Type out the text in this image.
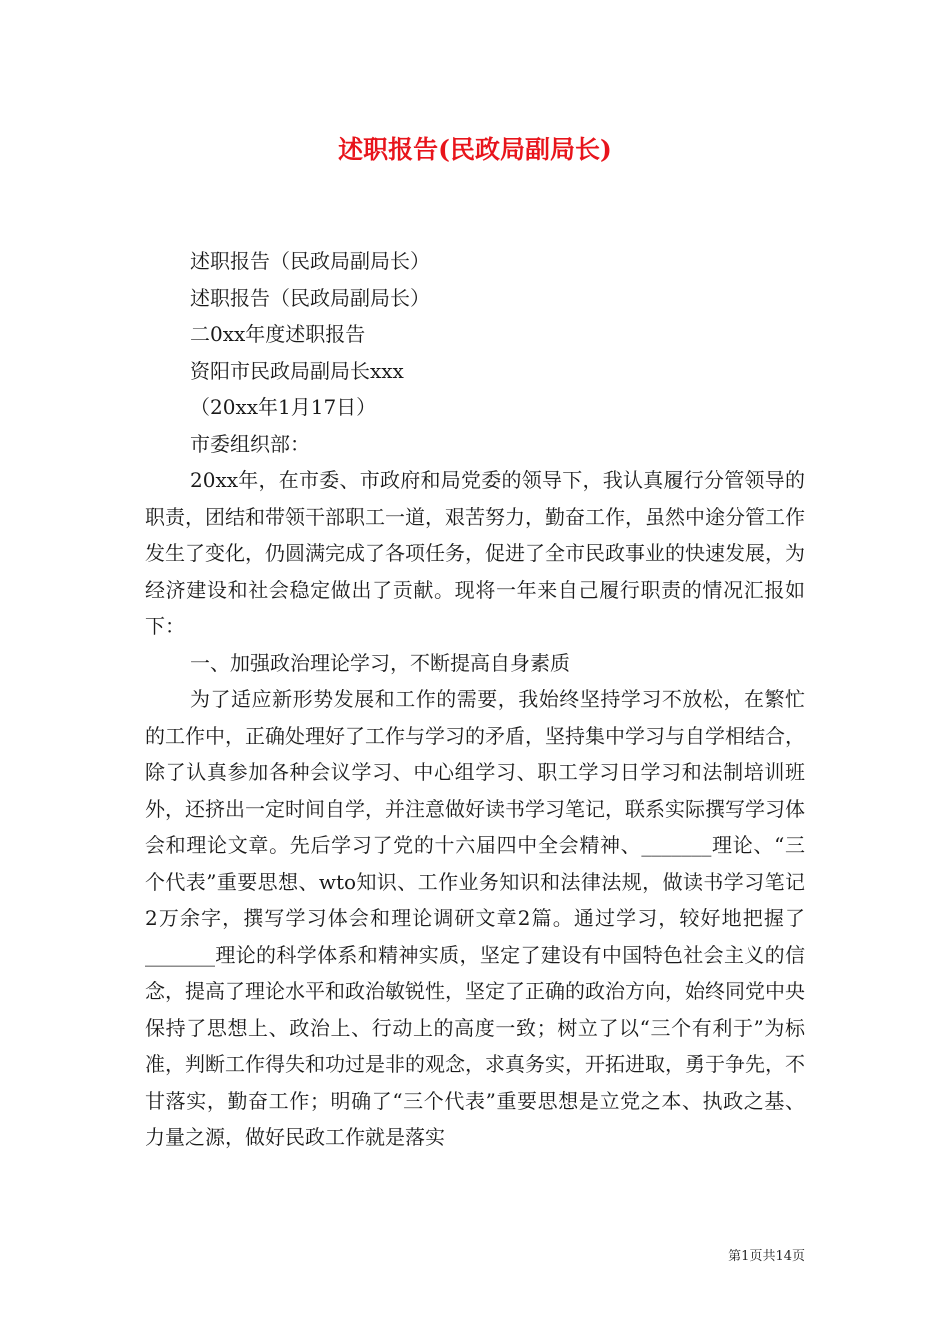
述职报告(民政局副局长)

述职报告（民政局副局长）

述职报告（民政局副局长）

二0xx年度述职报告

资阳市民政局副局长xxx

（20xx年1月17日）

市委组织部：

20xx年，在市委、市政府和局党委的领导下，我认真履行分管领导的职责，团结和带领干部职工一道，艰苦努力，勤奋工作，虽然中途分管工作发生了变化，仍圆满完成了各项任务，促进了全市民政事业的快速发展，为经济建设和社会稳定做出了贡献。现将一年来自己履行职责的情况汇报如下：

一、加强政治理论学习，不断提高自身素质

为了适应新形势发展和工作的需要，我始终坚持学习不放松，在繁忙的工作中，正确处理好了工作与学习的矛盾，坚持集中学习与自学相结合，除了认真参加各种会议学习、中心组学习、职工学习日学习和法制培训班外，还挤出一定时间自学，并注意做好读书学习笔记，联系实际撰写学习体会和理论文章。先后学习了党的十六届四中全会精神、_______理论、“三个代表”重要思想、wto知识、工作业务知识和法律法规，做读书学习笔记2万余字，撰写学习体会和理论调研文章2篇。通过学习，较好地把握了_______理论的科学体系和精神实质，坚定了建设有中国特色社会主义的信念，提高了理论水平和政治敏锐性，坚定了正确的政治方向，始终同党中央保持了思想上、政治上、行动上的高度一致；树立了以“三个有利于”为标准，判断工作得失和功过是非的观念，求真务实，开拓进取，勇于争先，不甘落实，勤奋工作；明确了“三个代表”重要思想是立党之本、执政之基、力量之源，做好民政工作就是落实

第1页共14页
